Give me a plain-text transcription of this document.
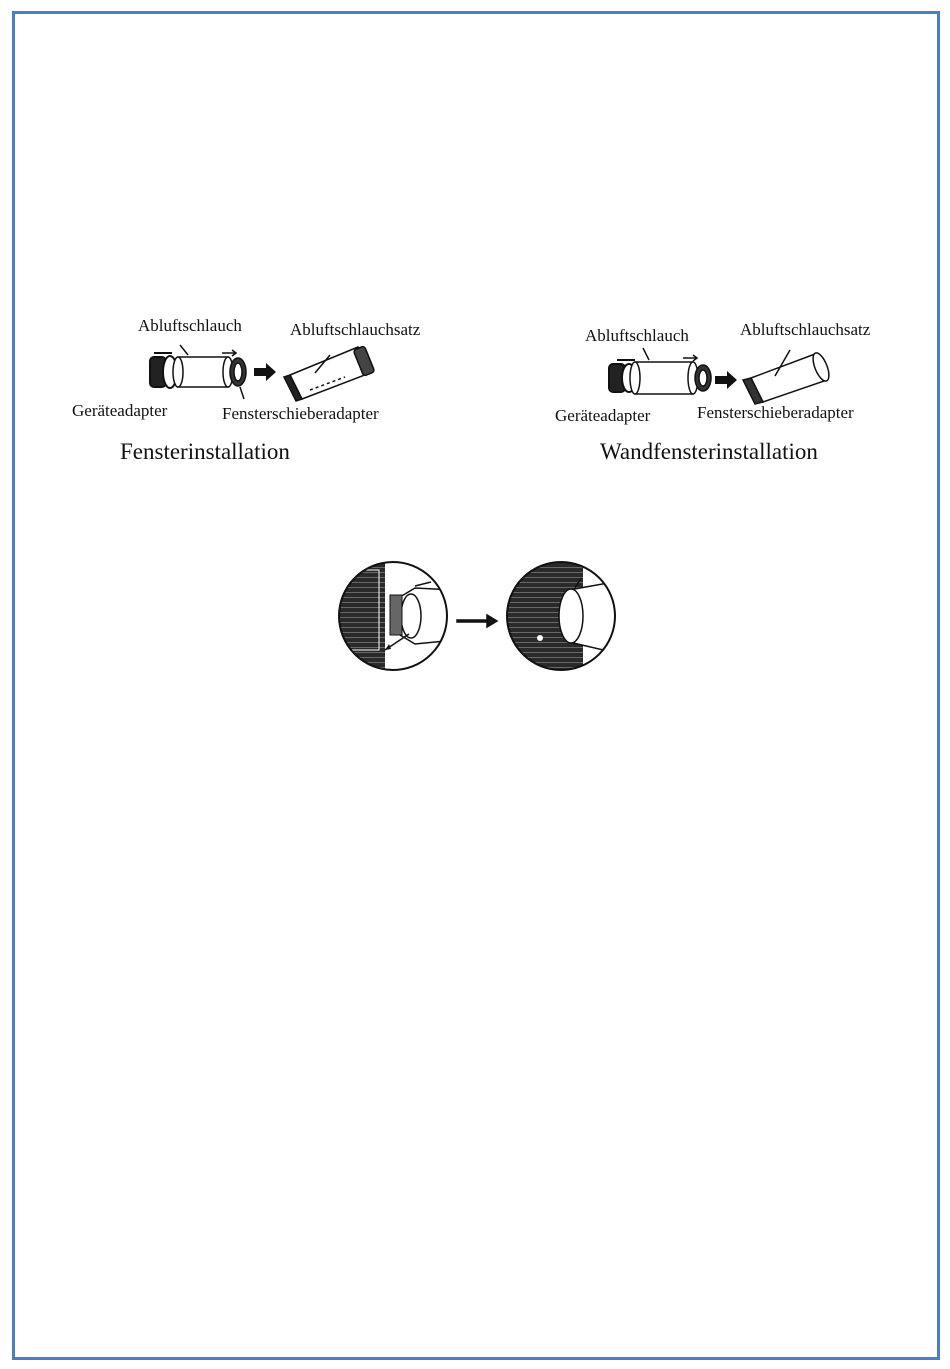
Abluftschlauch	Abluftschlauchsatz
Geräteadapter	Fensterschieberadapter
Fensterinstallation
Abluftschlauch	Abluftschlauchsatz
Geräteadapter	Fensterschieberadapter
Wandfensterinstallation
